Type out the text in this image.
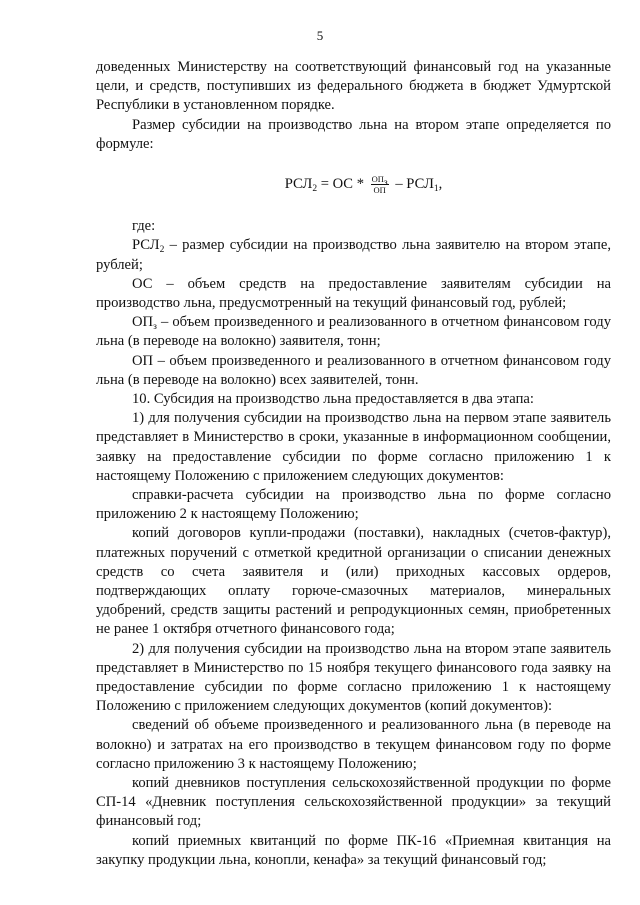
5

доведенных Министерству на соответствующий финансовый год на указанные цели, и средств, поступивших из федерального бюджета в бюджет Удмуртской Республики в установленном порядке.

Размер субсидии на производство льна на втором этапе определяется по формуле:

$РСЛ_2$ = ОС * $\frac{ОП_з}{ОП} - РСЛ_1$,

где:

$РСЛ_2$ – размер субсидии на производство льна заявителю на втором этапе, рублей;

ОС – объем средств на предоставление заявителям субсидии на производство льна, предусмотренный на текущий финансовый год, рублей;

$ОП_з$ – объем произведенного и реализованного в отчетном финансовом году льна (в переводе на волокно) заявителя, тонн;

ОП – объем произведенного и реализованного в отчетном финансовом году льна (в переводе на волокно) всех заявителей, тонн.

10. Субсидия на производство льна предоставляется в два этапа:

1) для получения субсидии на производство льна на первом этапе заявитель представляет в Министерство в сроки, указанные в информационном сообщении, заявку на предоставление субсидии по форме согласно приложению 1 к настоящему Положению с приложением следующих документов:

справки-расчета субсидии на производство льна по форме согласно приложению 2 к настоящему Положению;

копий договоров купли-продажи (поставки), накладных (счетов-фактур), платежных поручений с отметкой кредитной организации о списании денежных средств со счета заявителя и (или) приходных кассовых ордеров, подтверждающих оплату горюче-смазочных материалов, минеральных удобрений, средств защиты растений и репродукционных семян, приобретенных не ранее 1 октября отчетного финансового года;

2) для получения субсидии на производство льна на втором этапе заявитель представляет в Министерство по 15 ноября текущего финансового года заявку на предоставление субсидии по форме согласно приложению 1 к настоящему Положению с приложением следующих документов (копий документов):

сведений об объеме произведенного и реализованного льна (в переводе на волокно) и затратах на его производство в текущем финансовом году по форме согласно приложению 3 к настоящему Положению;

копий дневников поступления сельскохозяйственной продукции по форме СП-14 «Дневник поступления сельскохозяйственной продукции» за текущий финансовый год;

копий приемных квитанций по форме ПК-16 «Приемная квитанция на закупку продукции льна, конопли, кенафа» за текущий финансовый год;
